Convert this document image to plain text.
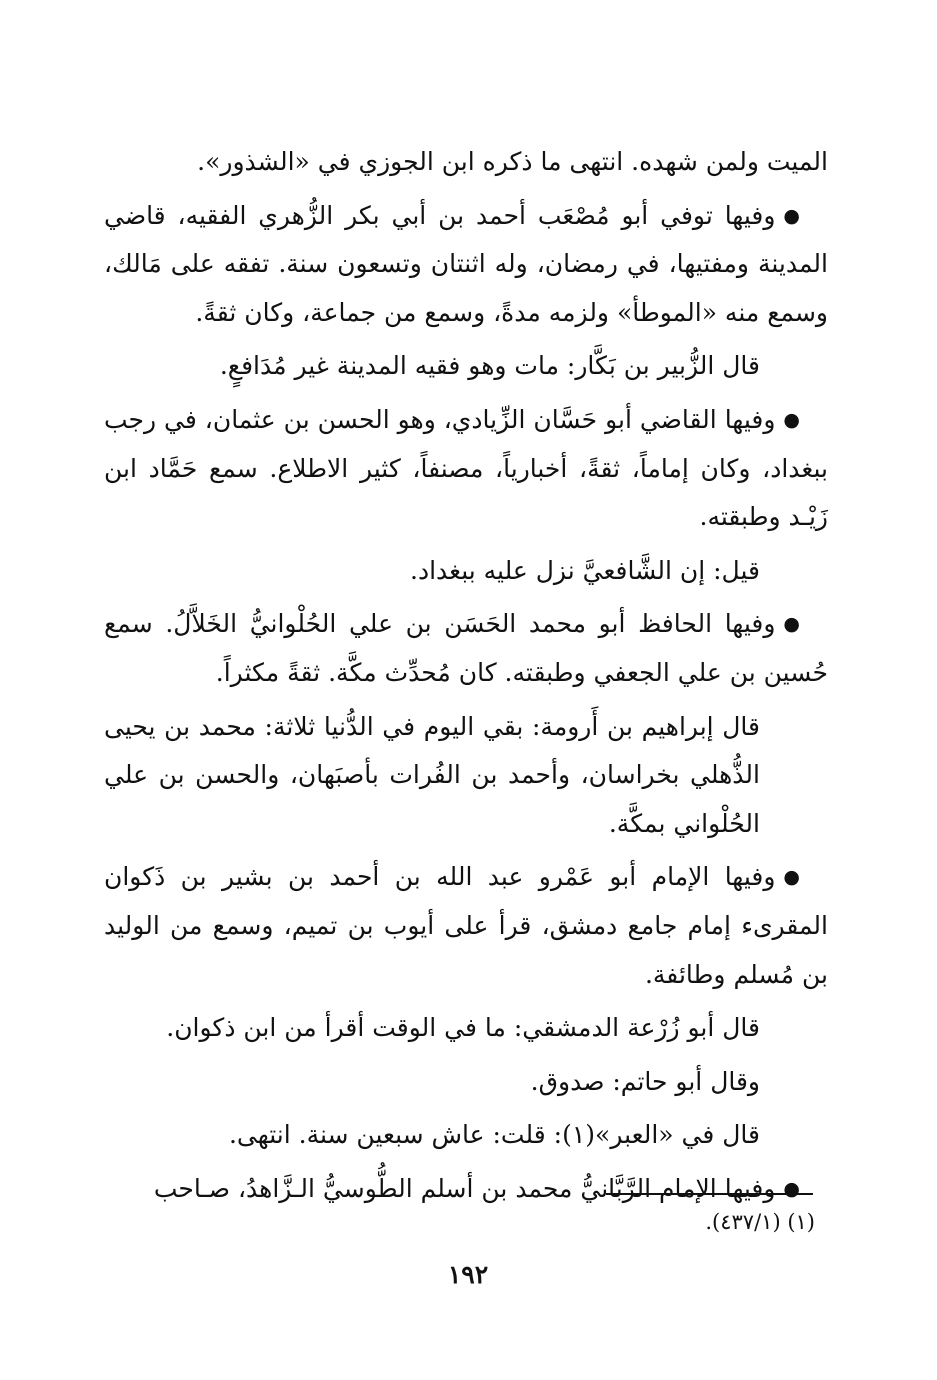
الميت ولمن شهده. انتهى ما ذكره ابن الجوزي في «الشذور».

●وفيها توفي أبو مُصْعَب أحمد بن أبي بكر الزُّهري الفقيه، قاضي المدينة ومفتيها، في رمضان، وله اثنتان وتسعون سنة. تفقه على مَالك، وسمع منه «الموطأ» ولزمه مدةً، وسمع من جماعة، وكان ثقةً.

قال الزُّبير بن بَكَّار: مات وهو فقيه المدينة غير مُدَافعٍ.

●وفيها القاضي أبو حَسَّان الزِّيادي، وهو الحسن بن عثمان، في رجب ببغداد، وكان إماماً، ثقةً، أخبارياً، مصنفاً، كثير الاطلاع. سمع حَمَّاد ابن زَيْـد وطبقته.

قيل: إن الشَّافعيَّ نزل عليه ببغداد.

●وفيها الحافظ أبو محمد الحَسَن بن علي الحُلْوانيُّ الخَلاَّلُ. سمع حُسين بن علي الجعفي وطبقته. كان مُحدِّث مكَّة. ثقةً مكثراً.

قال إبراهيم بن أَرومة: بقي اليوم في الدُّنيا ثلاثة: محمد بن يحيى الذُّهلي بخراسان، وأحمد بن الفُرات بأصبَهان، والحسن بن علي الحُلْواني بمكَّة.

●وفيها الإمام أبو عَمْرو عبد الله بن أحمد بن بشير بن ذَكوان المقرىء إمام جامع دمشق، قرأ على أيوب بن تميم، وسمع من الوليد بن مُسلم وطائفة.

قال أبو زُرْعة الدمشقي: ما في الوقت أقرأ من ابن ذكوان.

وقال أبو حاتم: صدوق.

قال في «العبر»(١): قلت: عاش سبعين سنة. انتهى.

●وفيها الإمام الرَّبَّانيُّ محمد بن أسلم الطُّوسيُّ الـزَّاهدُ، صـاحب

(١) (٤٣٧/١).
١٩٢
